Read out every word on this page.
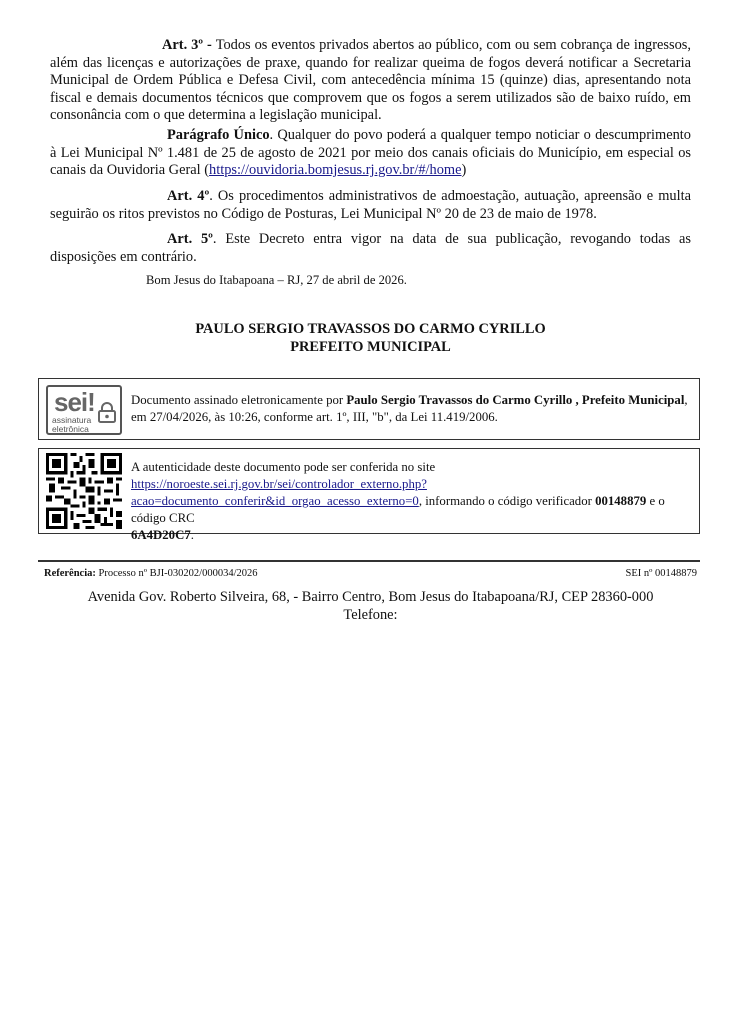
Art. 3º - Todos os eventos privados abertos ao público, com ou sem cobrança de ingressos, além das licenças e autorizações de praxe, quando for realizar queima de fogos deverá notificar a Secretaria Municipal de Ordem Pública e Defesa Civil, com antecedência mínima 15 (quinze) dias, apresentando nota fiscal e demais documentos técnicos que comprovem que os fogos a serem utilizados são de baixo ruído, em consonância com o que determina a legislação municipal.

Parágrafo Único. Qualquer do povo poderá a qualquer tempo noticiar o descumprimento à Lei Municipal Nº 1.481 de 25 de agosto de 2021 por meio dos canais oficiais do Município, em especial os canais da Ouvidoria Geral (https://ouvidoria.bomjesus.rj.gov.br/#/home)

Art. 4º. Os procedimentos administrativos de admoestação, autuação, apreensão e multa seguirão os ritos previstos no Código de Posturas, Lei Municipal Nº 20 de 23 de maio de 1978.

Art. 5º. Este Decreto entra vigor na data de sua publicação, revogando todas as disposições em contrário.

Bom Jesus do Itabapoana – RJ, 27 de abril de 2026.
PAULO SERGIO TRAVASSOS DO CARMO CYRILLO
PREFEITO MUNICIPAL
sei!
assinatura
eletrônica
Documento assinado eletronicamente por Paulo Sergio Travassos do Carmo Cyrillo , Prefeito Municipal, em 27/04/2026, às 10:26, conforme art. 1º, III, "b", da Lei 11.419/2006.
A autenticidade deste documento pode ser conferida no site
https://noroeste.sei.rj.gov.br/sei/controlador_externo.php?
acao=documento_conferir&id_orgao_acesso_externo=0, informando o código verificador 00148879 e o código CRC
6A4D20C7.
Referência: Processo nº BJI-030202/000034/2026	SEI nº 00148879
Avenida Gov. Roberto Silveira, 68, - Bairro Centro, Bom Jesus do Itabapoana/RJ, CEP 28360-000
Telefone:
